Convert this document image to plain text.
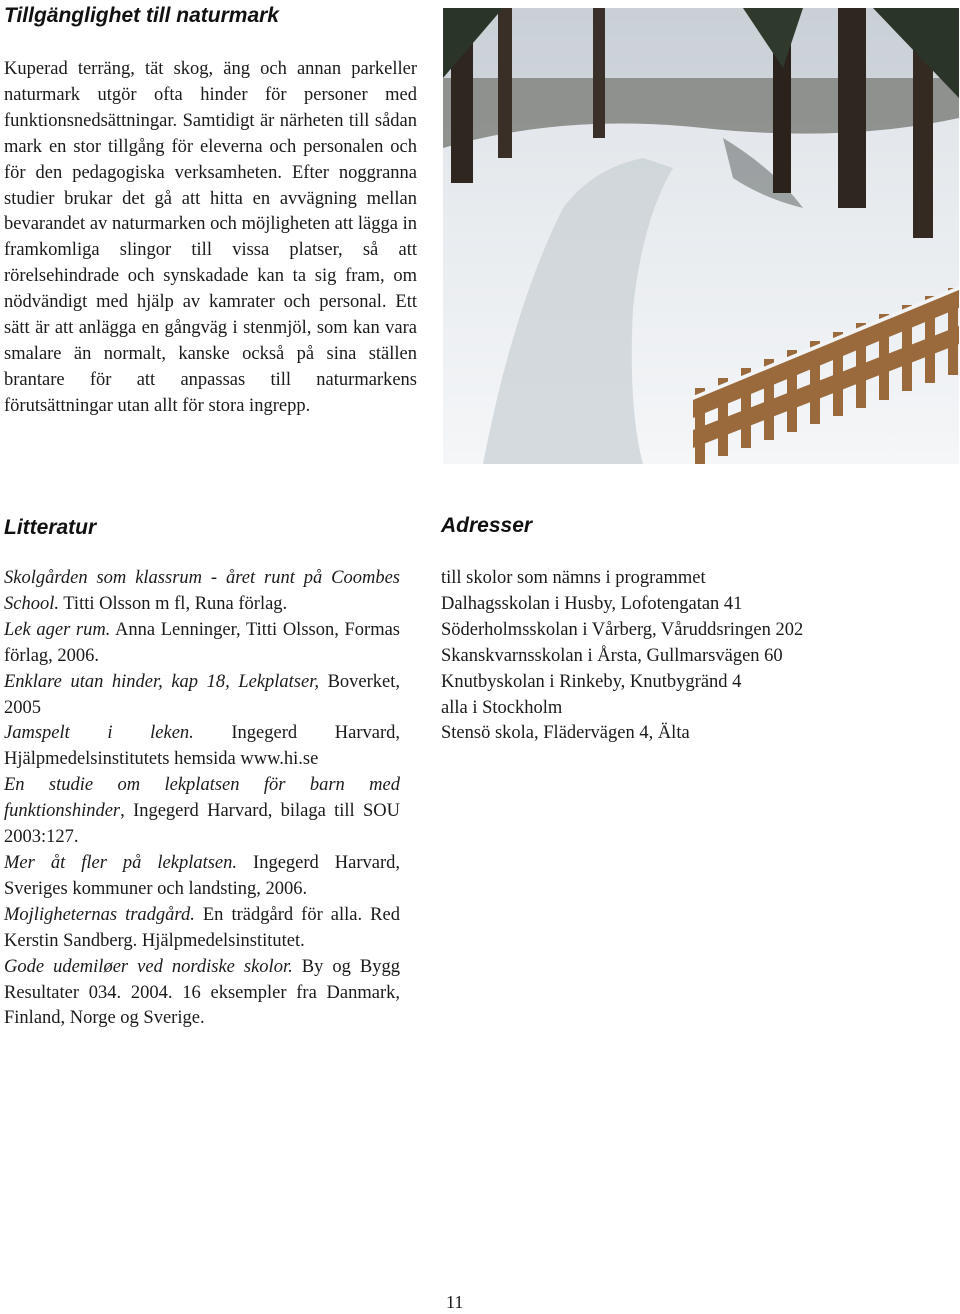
Tillgänglighet till naturmark

Kuperad terräng, tät skog, äng och annan parkeller naturmark utgör ofta hinder för personer med funktionsnedsättningar. Samtidigt är närheten till sådan mark en stor tillgång för eleverna och personalen och för den pedagogiska verksamheten. Efter noggranna studier brukar det gå att hitta en avvägning mellan bevarandet av naturmarken och möjligheten att lägga in framkomliga slingor till vissa platser, så att rörelsehindrade och synskadade kan ta sig fram, om nödvändigt med hjälp av kamrater och personal. Ett sätt är att anlägga en gångväg i stenmjöl, som kan vara smalare än normalt, kanske också på sina ställen brantare för att anpassas till naturmarkens förutsättningar utan allt för stora ingrepp.

Litteratur

Skolgården som klassrum - året runt på Coombes School. Titti Olsson m fl, Runa förlag.

Lek ager rum. Anna Lenninger, Titti Olsson, Formas förlag, 2006.

Enklare utan hinder, kap 18, Lekplatser, Boverket, 2005

Jamspelt i leken. Ingegerd Harvard, Hjälpmedelsinstitutets hemsida www.hi.se

En studie om lekplatsen för barn med funktionshinder, Ingegerd Harvard, bilaga till SOU 2003:127.

Mer åt fler på lekplatsen. Ingegerd Harvard, Sveriges kommuner och landsting, 2006.

Mojligheternas tradgård. En trädgård för alla. Red Kerstin Sandberg. Hjälpmedelsinstitutet.

Gode udemiløer ved nordiske skolor. By og Bygg Resultater 034. 2004. 16 eksempler fra Danmark, Finland, Norge og Sverige.

Adresser
till skolor som nämns i programmet
Dalhagsskolan i Husby, Lofotengatan 41
Söderholmsskolan i Vårberg, Våruddsringen 202
Skanskvarnsskolan i Årsta, Gullmarsvägen 60
Knutbyskolan i Rinkeby, Knutbygränd 4
alla i Stockholm
Stensö skola, Flädervägen 4, Älta
11
